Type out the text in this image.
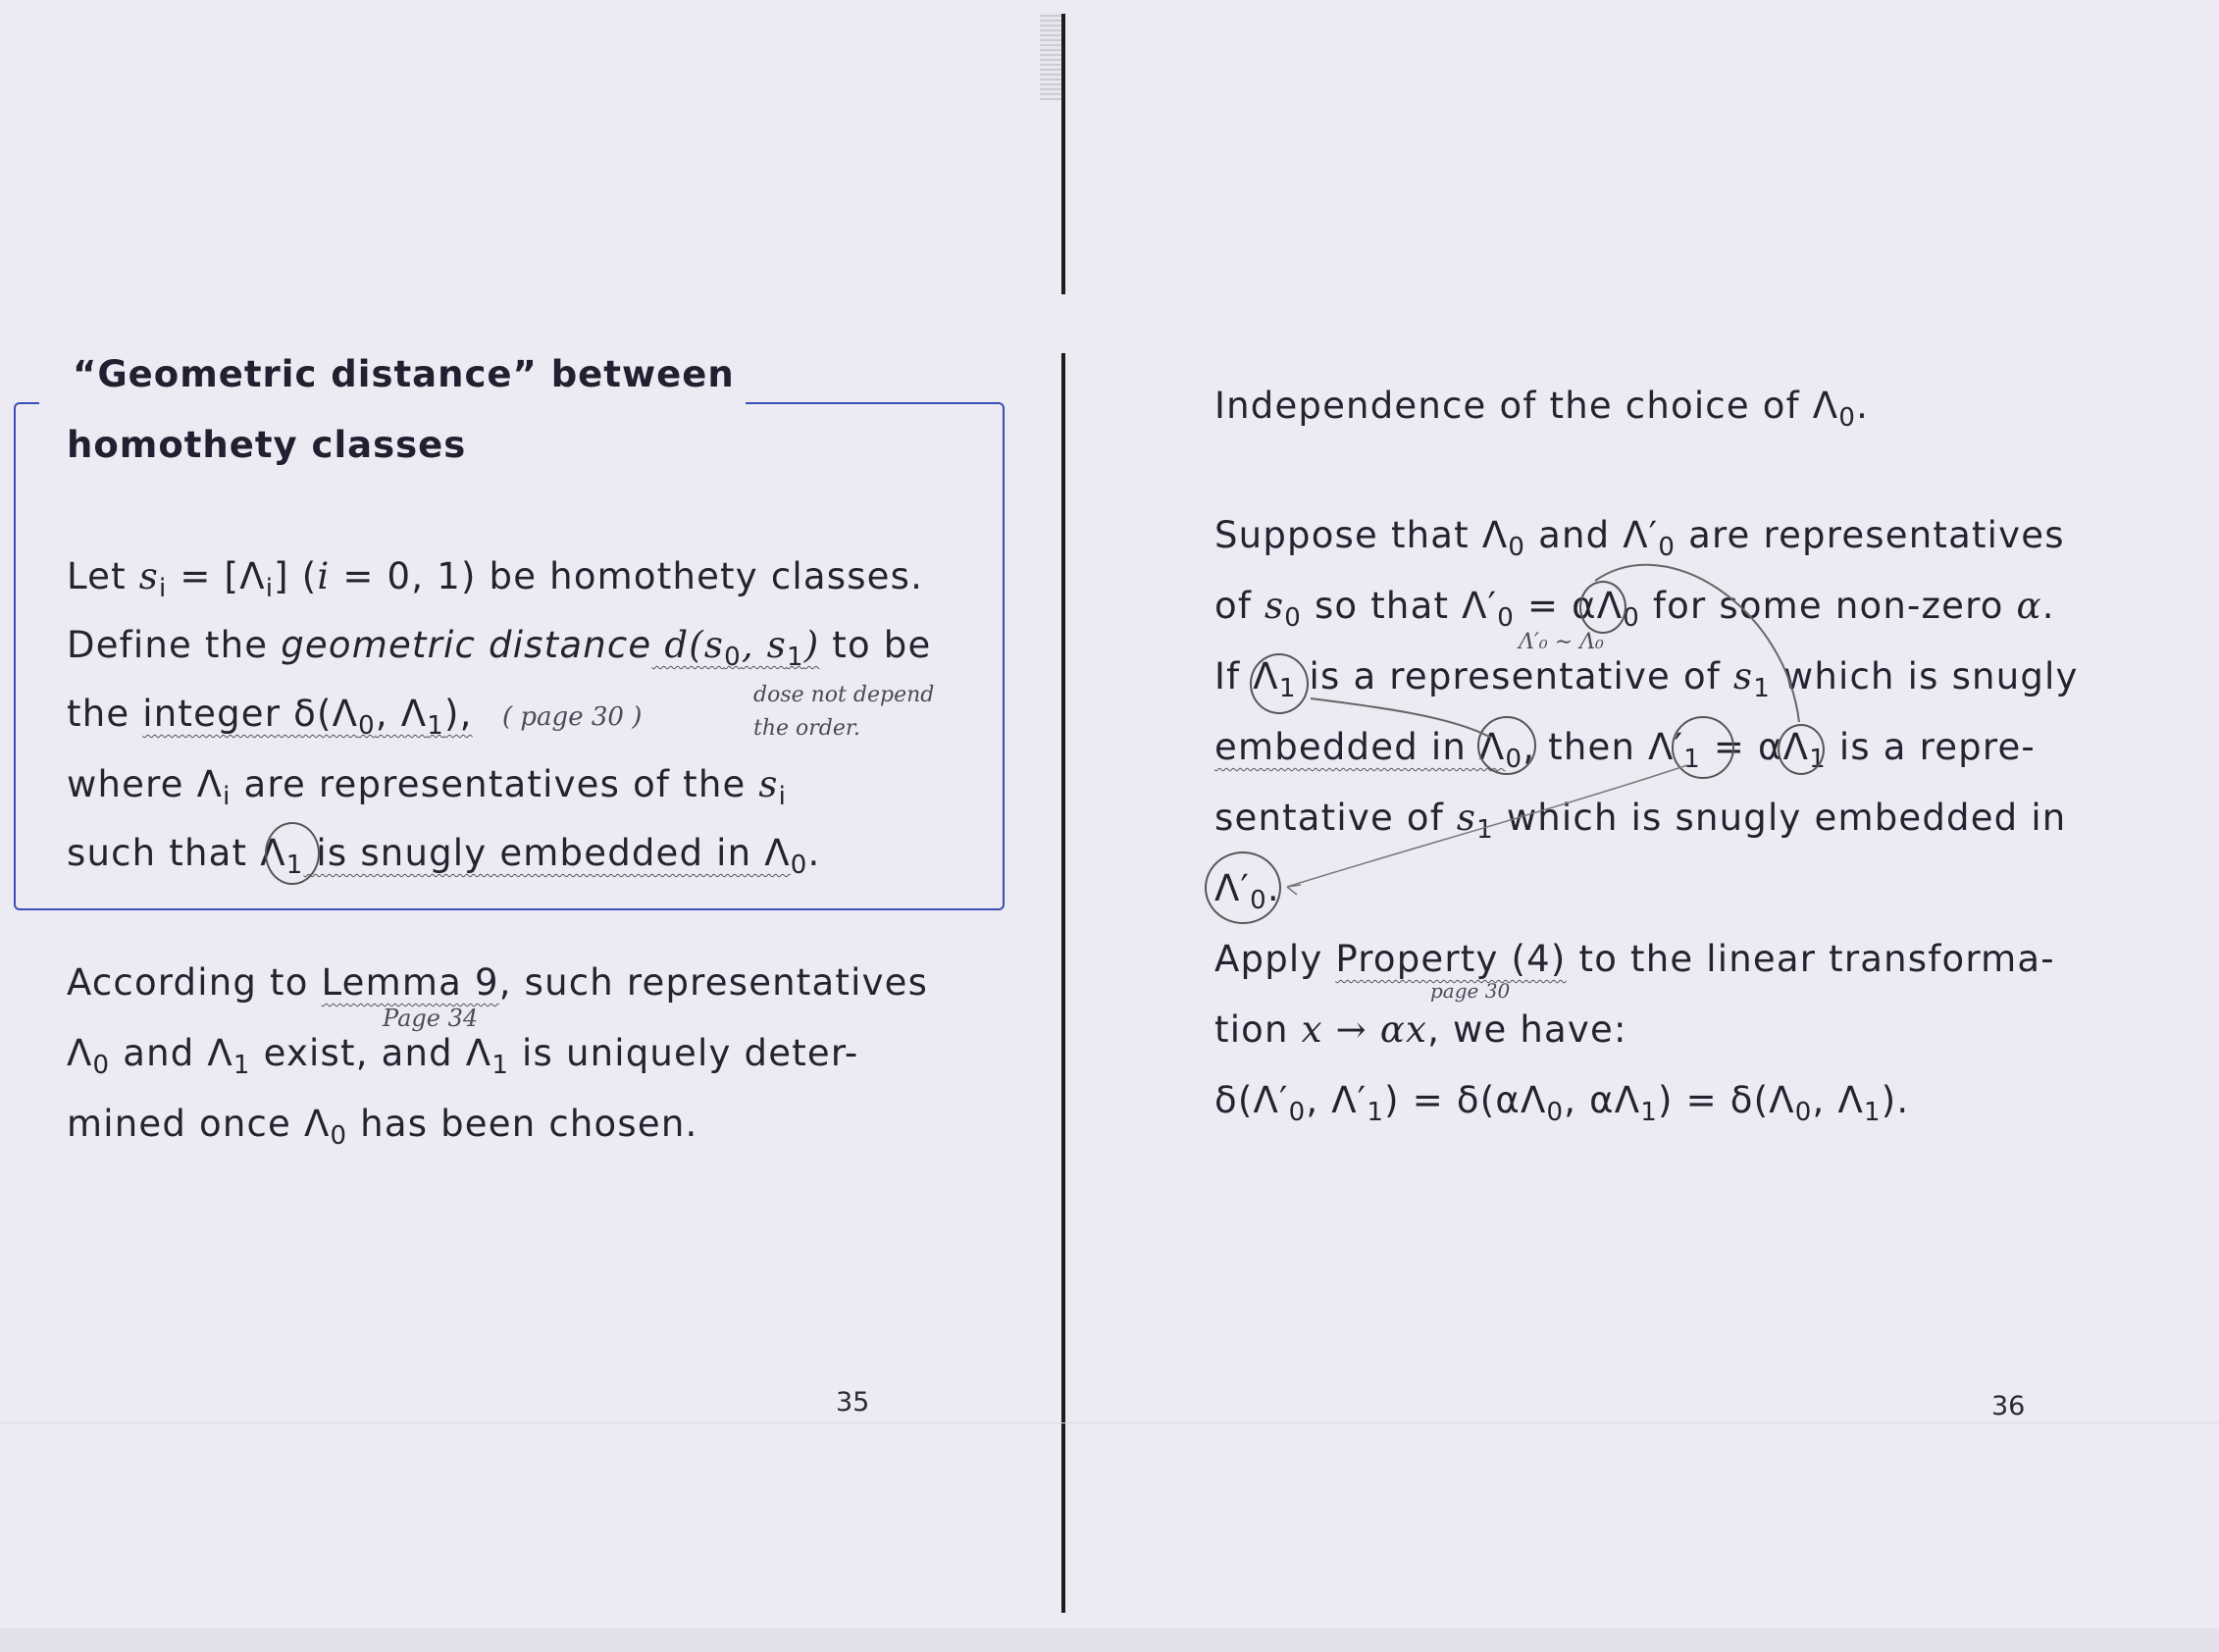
“Geometric distance” between
homothety classes
Let $s_i = [\Lambda_i] (i = 0$, 1) be homothety classes.
Define the geometric distance $d(s_0$, $s_1$) to be
the integer $\delta(\Lambda_0$, $\Lambda_1$),
where $\Lambda_i$ are representatives of the $s_i$
such that $\Lambda_1$ is snugly embedded in $\Lambda_0$.
( page 30 )
dose not depend
the order.
According to Lemma 9, such representatives
$\Lambda_0$ and $\Lambda_1$ exist, and $\Lambda_1$ is uniquely deter-
mined once $\Lambda_0$ has been chosen.
Page 34
35
Independence of the choice of $\Lambda_0$.
Suppose that $\Lambda_0$ and $\Lambda'_0$ are representatives
of $s_0$ so that $\Lambda'_0 = \alpha\Lambda_0$ for some non-zero α.
If $\Lambda_1$ is a representative of $s_1$ which is snugly
embedded in $\Lambda_0$, then $\Lambda'_1 = \alpha\Lambda_1$ is a repre-
sentative of $s_1$ which is snugly embedded in
$\Lambda'_0$.
Apply Property (4) to the linear transforma-
tion x → αx, we have:
$\delta(\Lambda'_0$, $\Lambda'_1) = \delta(\alpha\Lambda_0$, $\alpha\Lambda_1) = \delta(\Lambda_0$, $\Lambda_1$).
Λ′₀ ∼ Λ₀
page 30
36
